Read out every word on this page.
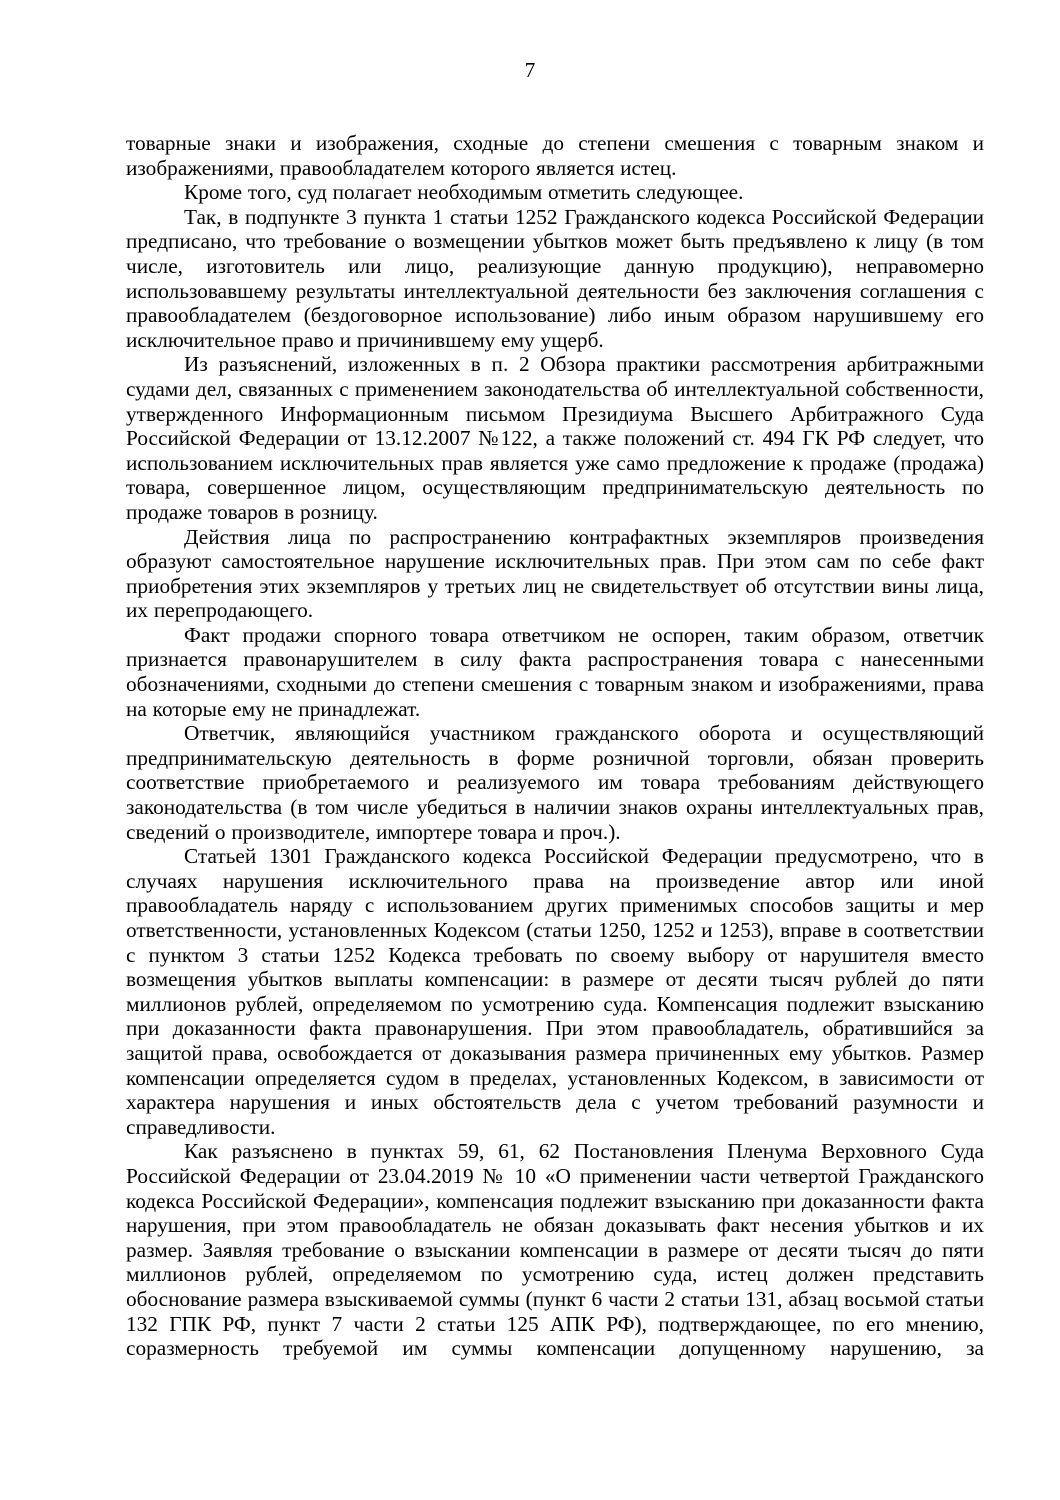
7

товарные знаки и изображения, сходные до степени смешения с товарным знаком и изображениями, правообладателем которого является истец.

Кроме того, суд полагает необходимым отметить следующее.

Так, в подпункте 3 пункта 1 статьи 1252 Гражданского кодекса Российской Федерации предписано, что требование о возмещении убытков может быть предъявлено к лицу (в том числе, изготовитель или лицо, реализующие данную продукцию), неправомерно использовавшему результаты интеллектуальной деятельности без заключения соглашения с правообладателем (бездоговорное использование) либо иным образом нарушившему его исключительное право и причинившему ему ущерб.

Из разъяснений, изложенных в п. 2 Обзора практики рассмотрения арбитражными судами дел, связанных с применением законодательства об интеллектуальной собственности, утвержденного Информационным письмом Президиума Высшего Арбитражного Суда Российской Федерации от 13.12.2007 №122, а также положений ст. 494 ГК РФ следует, что использованием исключительных прав является уже само предложение к продаже (продажа) товара, совершенное лицом, осуществляющим предпринимательскую деятельность по продаже товаров в розницу.

Действия лица по распространению контрафактных экземпляров произведения образуют самостоятельное нарушение исключительных прав. При этом сам по себе факт приобретения этих экземпляров у третьих лиц не свидетельствует об отсутствии вины лица, их перепродающего.

Факт продажи спорного товара ответчиком не оспорен, таким образом, ответчик признается правонарушителем в силу факта распространения товара с нанесенными обозначениями, сходными до степени смешения с товарным знаком и изображениями, права на которые ему не принадлежат.

Ответчик, являющийся участником гражданского оборота и осуществляющий предпринимательскую деятельность в форме розничной торговли, обязан проверить соответствие приобретаемого и реализуемого им товара требованиям действующего законодательства (в том числе убедиться в наличии знаков охраны интеллектуальных прав, сведений о производителе, импортере товара и проч.).

Статьей 1301 Гражданского кодекса Российской Федерации предусмотрено, что в случаях нарушения исключительного права на произведение автор или иной правообладатель наряду с использованием других применимых способов защиты и мер ответственности, установленных Кодексом (статьи 1250, 1252 и 1253), вправе в соответствии с пунктом 3 статьи 1252 Кодекса требовать по своему выбору от нарушителя вместо возмещения убытков выплаты компенсации: в размере от десяти тысяч рублей до пяти миллионов рублей, определяемом по усмотрению суда. Компенсация подлежит взысканию при доказанности факта правонарушения. При этом правообладатель, обратившийся за защитой права, освобождается от доказывания размера причиненных ему убытков. Размер компенсации определяется судом в пределах, установленных Кодексом, в зависимости от характера нарушения и иных обстоятельств дела с учетом требований разумности и справедливости.

Как разъяснено в пунктах 59, 61, 62 Постановления Пленума Верховного Суда Российской Федерации от 23.04.2019 № 10 «О применении части четвертой Гражданского кодекса Российской Федерации», компенсация подлежит взысканию при доказанности факта нарушения, при этом правообладатель не обязан доказывать факт несения убытков и их размер. Заявляя требование о взыскании компенсации в размере от десяти тысяч до пяти миллионов рублей, определяемом по усмотрению суда, истец должен представить обоснование размера взыскиваемой суммы (пункт 6 части 2 статьи 131, абзац восьмой статьи 132 ГПК РФ, пункт 7 части 2 статьи 125 АПК РФ), подтверждающее, по его мнению, соразмерность требуемой им суммы компенсации допущенному нарушению, за
